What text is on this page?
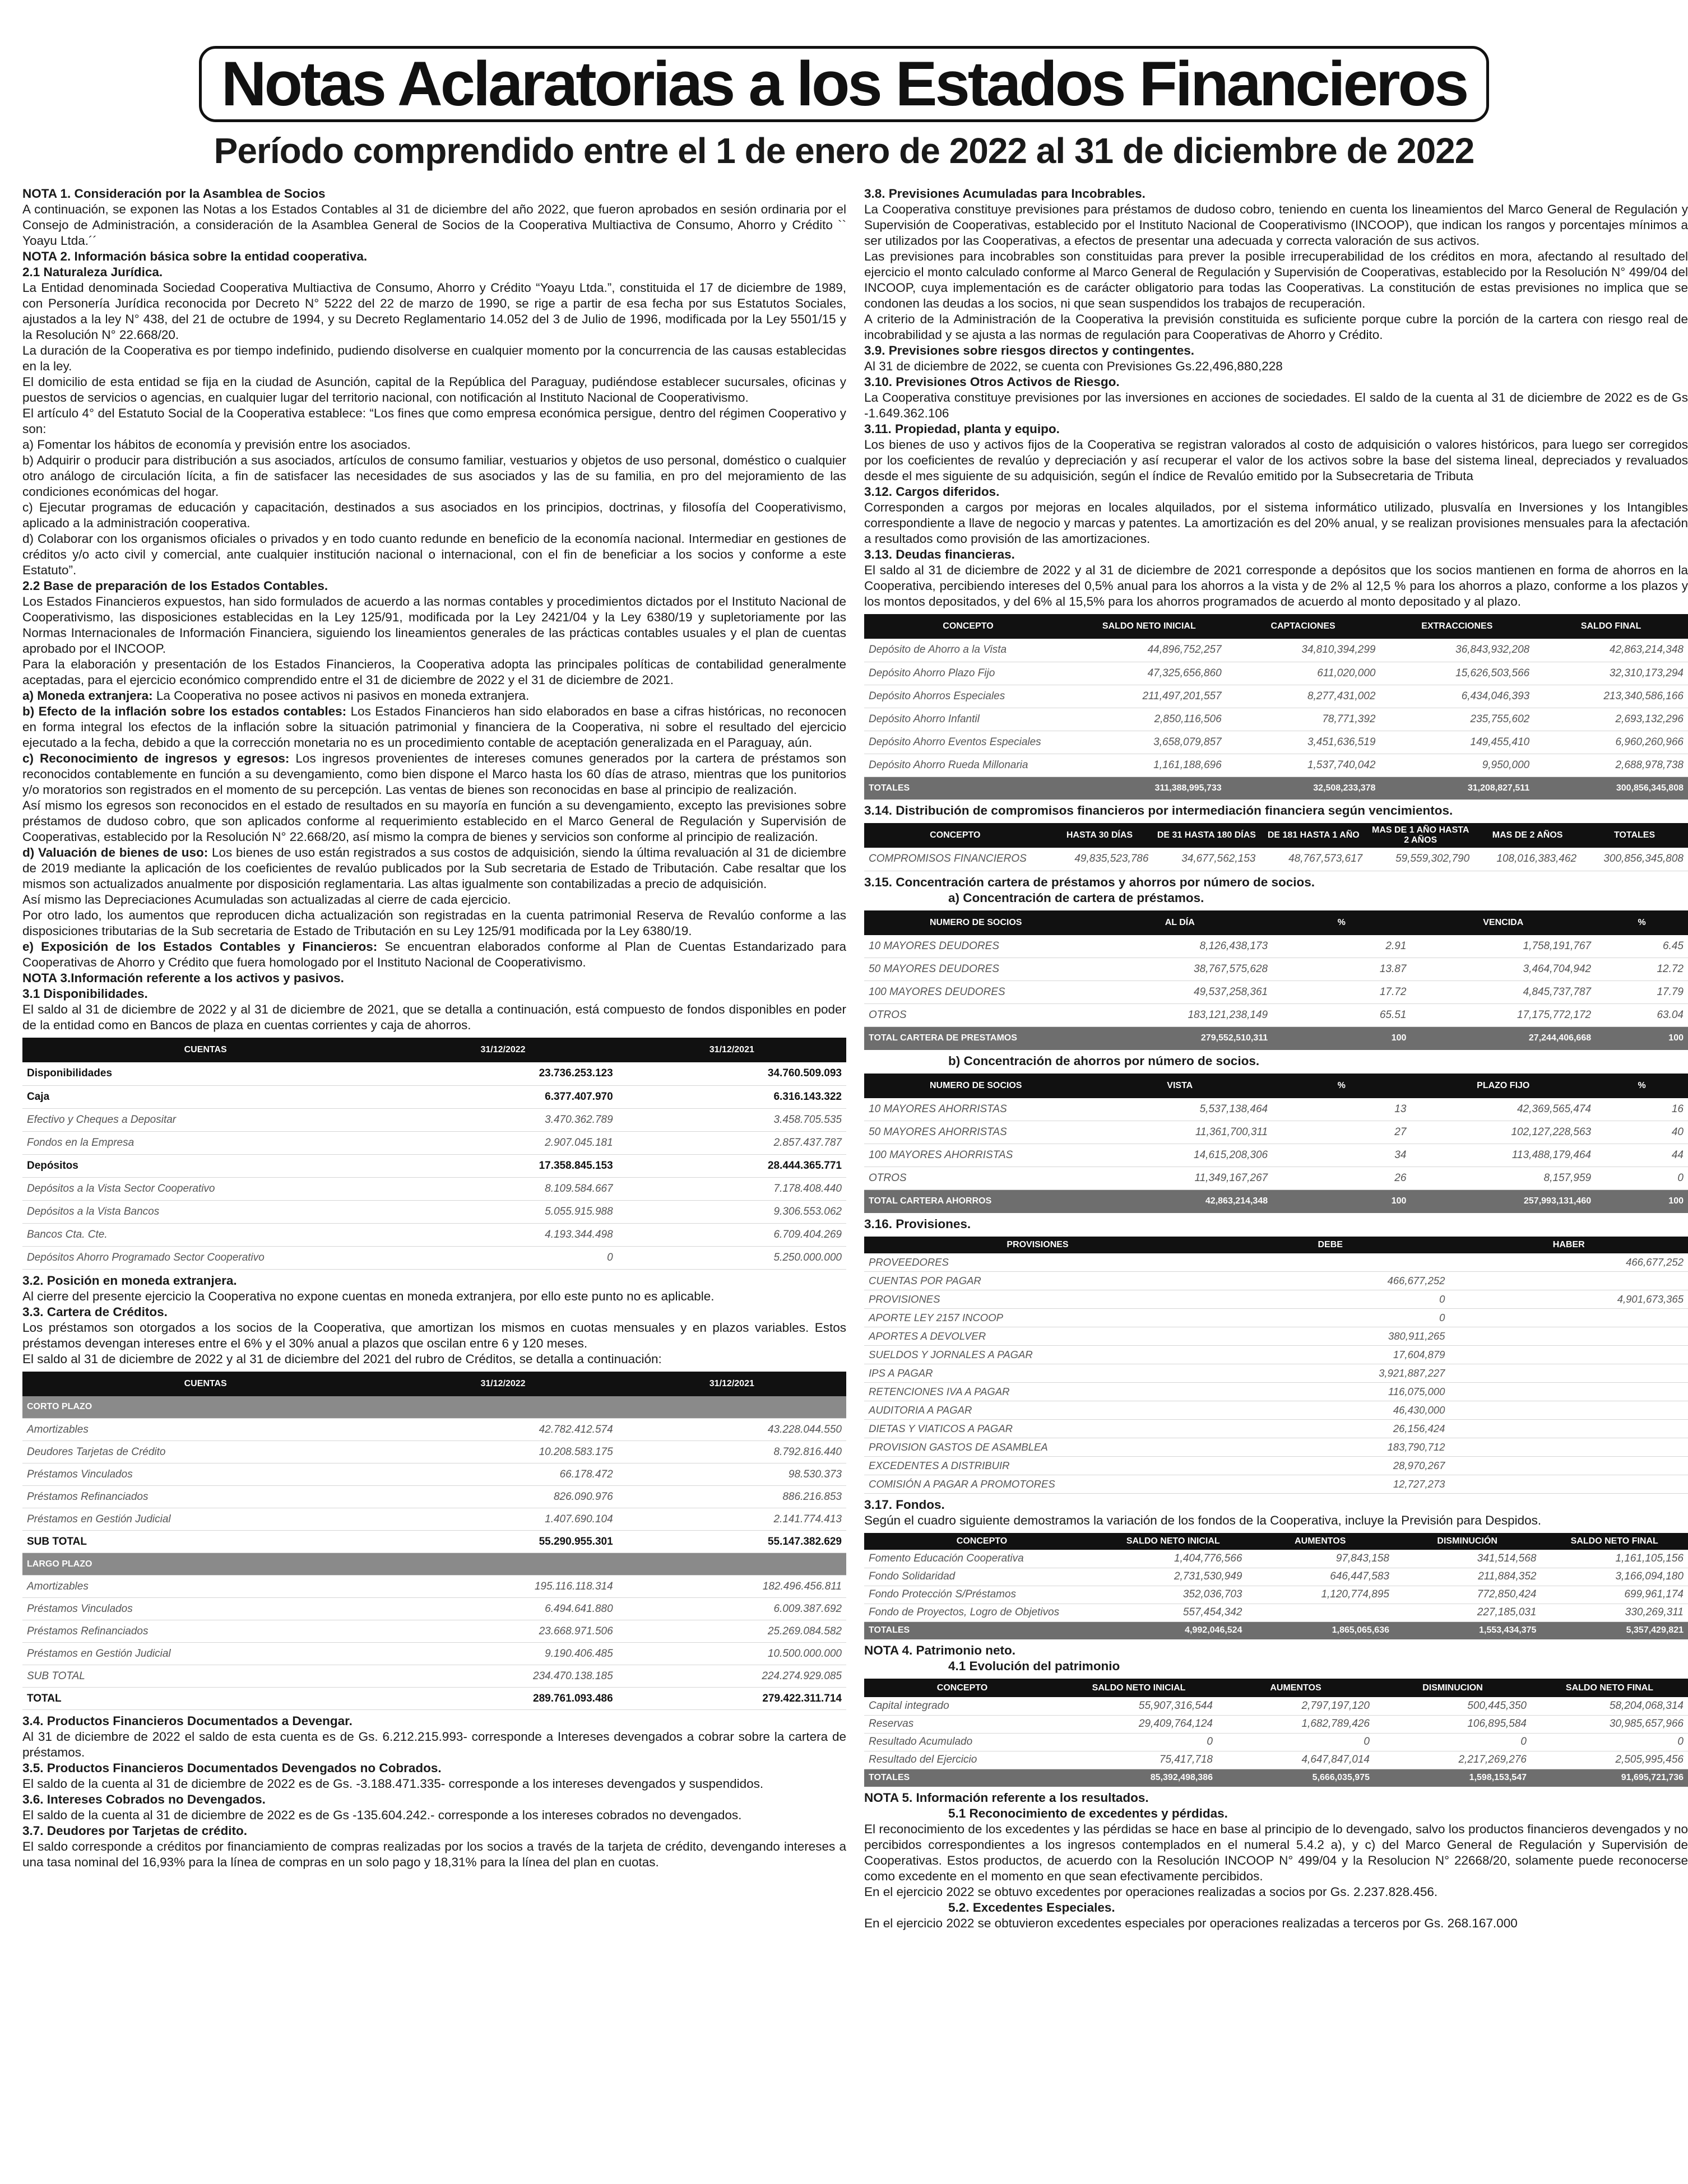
Notas Aclaratorias a los Estados Financieros
Período comprendido entre el 1 de enero de 2022 al 31 de diciembre de 2022

NOTA 1. Consideración por la Asamblea de Socios

A continuación, se exponen las Notas a los Estados Contables al 31 de diciembre del año 2022, que fueron aprobados en sesión ordinaria por el Consejo de Administración, a consideración de la Asamblea General de Socios de la Cooperativa Multiactiva de Consumo, Ahorro y Crédito `` Yoayu Ltda.´´

NOTA 2. Información básica sobre la entidad cooperativa.

2.1 Naturaleza Jurídica.

La Entidad denominada Sociedad Cooperativa Multiactiva de Consumo, Ahorro y Crédito “Yoayu Ltda.”, constituida el 17 de diciembre de 1989, con Personería Jurídica reconocida por Decreto N° 5222 del 22 de marzo de 1990, se rige a partir de esa fecha por sus Estatutos Sociales, ajustados a la ley N° 438, del 21 de octubre de 1994, y su Decreto Reglamentario 14.052 del 3 de Julio de 1996, modificada por la Ley 5501/15 y la Resolución N° 22.668/20.

La duración de la Cooperativa es por tiempo indefinido, pudiendo disolverse en cualquier momento por la concurrencia de las causas establecidas en la ley.

El domicilio de esta entidad se fija en la ciudad de Asunción, capital de la República del Paraguay, pudiéndose establecer sucursales, oficinas y puestos de servicios o agencias, en cualquier lugar del territorio nacional, con notificación al Instituto Nacional de Cooperativismo.

El artículo 4° del Estatuto Social de la Cooperativa establece: “Los fines que como empresa económica persigue, dentro del régimen Cooperativo y son:

a) Fomentar los hábitos de economía y previsión entre los asociados.

b) Adquirir o producir para distribución a sus asociados, artículos de consumo familiar, vestuarios y objetos de uso personal, doméstico o cualquier otro análogo de circulación lícita, a fin de satisfacer las necesidades de sus asociados y las de su familia, en pro del mejoramiento de las condiciones económicas del hogar.

c) Ejecutar programas de educación y capacitación, destinados a sus asociados en los principios, doctrinas, y filosofía del Cooperativismo, aplicado a la administración cooperativa.

d) Colaborar con los organismos oficiales o privados y en todo cuanto redunde en beneficio de la economía nacional. Intermediar en gestiones de créditos y/o acto civil y comercial, ante cualquier institución nacional o internacional, con el fin de beneficiar a los socios y conforme a este Estatuto”.

2.2 Base de preparación de los Estados Contables.

Los Estados Financieros expuestos, han sido formulados de acuerdo a las normas contables y procedimientos dictados por el Instituto Nacional de Cooperativismo, las disposiciones establecidas en la Ley 125/91, modificada por la Ley 2421/04 y la Ley 6380/19 y supletoriamente por las Normas Internacionales de Información Financiera, siguiendo los lineamientos generales de las prácticas contables usuales y el plan de cuentas aprobado por el INCOOP.

Para la elaboración y presentación de los Estados Financieros, la Cooperativa adopta las principales políticas de contabilidad generalmente aceptadas, para el ejercicio económico comprendido entre el 31 de diciembre de 2022 y el 31 de diciembre de 2021.

a) Moneda extranjera: La Cooperativa no posee activos ni pasivos en moneda extranjera.

b) Efecto de la inflación sobre los estados contables: Los Estados Financieros han sido elaborados en base a cifras históricas, no reconocen en forma integral los efectos de la inflación sobre la situación patrimonial y financiera de la Cooperativa, ni sobre el resultado del ejercicio ejecutado a la fecha, debido a que la corrección monetaria no es un procedimiento contable de aceptación generalizada en el Paraguay, aún.

c) Reconocimiento de ingresos y egresos: Los ingresos provenientes de intereses comunes generados por la cartera de préstamos son reconocidos contablemente en función a su devengamiento, como bien dispone el Marco hasta los 60 días de atraso, mientras que los punitorios y/o moratorios son registrados en el momento de su percepción. Las ventas de bienes son reconocidas en base al principio de realización.

Así mismo los egresos son reconocidos en el estado de resultados en su mayoría en función a su devengamiento, excepto las previsiones sobre préstamos de dudoso cobro, que son aplicados conforme al requerimiento establecido en el Marco General de Regulación y Supervisión de Cooperativas, establecido por la Resolución N° 22.668/20, así mismo la compra de bienes y servicios son conforme al principio de realización.

d) Valuación de bienes de uso: Los bienes de uso están registrados a sus costos de adquisición, siendo la última revaluación al 31 de diciembre de 2019 mediante la aplicación de los coeficientes de revalúo publicados por la Sub secretaria de Estado de Tributación. Cabe resaltar que los mismos son actualizados anualmente por disposición reglamentaria. Las altas igualmente son contabilizadas a precio de adquisición.

Así mismo las Depreciaciones Acumuladas son actualizadas al cierre de cada ejercicio.

Por otro lado, los aumentos que reproducen dicha actualización son registradas en la cuenta patrimonial Reserva de Revalúo conforme a las disposiciones tributarias de la Sub secretaria de Estado de Tributación en su Ley 125/91 modificada por la Ley 6380/19.

e) Exposición de los Estados Contables y Financieros: Se encuentran elaborados conforme al Plan de Cuentas Estandarizado para Cooperativas de Ahorro y Crédito que fuera homologado por el Instituto Nacional de Cooperativismo.

NOTA 3.Información referente a los activos y pasivos.

3.1 Disponibilidades.

El saldo al 31 de diciembre de 2022 y al 31 de diciembre de 2021, que se detalla a continuación, está compuesto de fondos disponibles en poder de la entidad como en Bancos de plaza en cuentas corrientes y caja de ahorros.

CUENTAS	31/12/2022	31/12/2021
Disponibilidades	23.736.253.123	34.760.509.093
Caja	6.377.407.970	6.316.143.322
Efectivo y Cheques a Depositar	3.470.362.789	3.458.705.535
Fondos en la Empresa	2.907.045.181	2.857.437.787
Depósitos	17.358.845.153	28.444.365.771
Depósitos a la Vista Sector Cooperativo	8.109.584.667	7.178.408.440
Depósitos a la Vista Bancos	5.055.915.988	9.306.553.062
Bancos Cta. Cte.	4.193.344.498	6.709.404.269
Depósitos Ahorro Programado Sector Cooperativo	0	5.250.000.000

3.2. Posición en moneda extranjera.

Al cierre del presente ejercicio la Cooperativa no expone cuentas en moneda extranjera, por ello este punto no es aplicable.

3.3. Cartera de Créditos.

Los préstamos son otorgados a los socios de la Cooperativa, que amortizan los mismos en cuotas mensuales y en plazos variables. Estos préstamos devengan intereses entre el 6% y el 30% anual a plazos que oscilan entre 6 y 120 meses.

El saldo al 31 de diciembre de 2022 y al 31 de diciembre del 2021 del rubro de Créditos, se detalla a continuación:

CUENTAS	31/12/2022	31/12/2021
CORTO PLAZO		
Amortizables	42.782.412.574	43.228.044.550
Deudores Tarjetas de Crédito	10.208.583.175	8.792.816.440
Préstamos Vinculados	66.178.472	98.530.373
Préstamos Refinanciados	826.090.976	886.216.853
Préstamos en Gestión Judicial	1.407.690.104	2.141.774.413
SUB TOTAL	55.290.955.301	55.147.382.629
LARGO PLAZO		
Amortizables	195.116.118.314	182.496.456.811
Préstamos Vinculados	6.494.641.880	6.009.387.692
Préstamos Refinanciados	23.668.971.506	25.269.084.582
Préstamos en Gestión Judicial	9.190.406.485	10.500.000.000
SUB TOTAL	234.470.138.185	224.274.929.085
TOTAL	289.761.093.486	279.422.311.714

3.4. Productos Financieros Documentados a Devengar.

Al 31 de diciembre de 2022 el saldo de esta cuenta es de Gs. 6.212.215.993- corresponde a Intereses devengados a cobrar sobre la cartera de préstamos.

3.5. Productos Financieros Documentados Devengados no Cobrados.

El saldo de la cuenta al 31 de diciembre de 2022 es de Gs. -3.188.471.335- corresponde a los intereses devengados y suspendidos.

3.6. Intereses Cobrados no Devengados.

El saldo de la cuenta al 31 de diciembre de 2022 es de Gs -135.604.242.- corresponde a los intereses cobrados no devengados.

3.7. Deudores por Tarjetas de crédito.

El saldo corresponde a créditos por financiamiento de compras realizadas por los socios a través de la tarjeta de crédito, devengando intereses a una tasa nominal del 16,93% para la línea de compras en un solo pago y 18,31% para la línea del plan en cuotas.

3.8. Previsiones Acumuladas para Incobrables.

La Cooperativa constituye previsiones para préstamos de dudoso cobro, teniendo en cuenta los lineamientos del Marco General de Regulación y Supervisión de Cooperativas, establecido por el Instituto Nacional de Cooperativismo (INCOOP), que indican los rangos y porcentajes mínimos a ser utilizados por las Cooperativas, a efectos de presentar una adecuada y correcta valoración de sus activos.

Las previsiones para incobrables son constituidas para prever la posible irrecuperabilidad de los créditos en mora, afectando al resultado del ejercicio el monto calculado conforme al Marco General de Regulación y Supervisión de Cooperativas, establecido por la Resolución N° 499/04 del INCOOP, cuya implementación es de carácter obligatorio para todas las Cooperativas. La constitución de estas previsiones no implica que se condonen las deudas a los socios, ni que sean suspendidos los trabajos de recuperación.

A criterio de la Administración de la Cooperativa la previsión constituida es suficiente porque cubre la porción de la cartera con riesgo real de incobrabilidad y se ajusta a las normas de regulación para Cooperativas de Ahorro y Crédito.

3.9. Previsiones sobre riesgos directos y contingentes.

Al 31 de diciembre de 2022, se cuenta con Previsiones Gs.22,496,880,228

3.10. Previsiones Otros Activos de Riesgo.

La Cooperativa constituye previsiones por las inversiones en acciones de sociedades. El saldo de la cuenta al 31 de diciembre de 2022 es de Gs -1.649.362.106

3.11. Propiedad, planta y equipo.

Los bienes de uso y activos fijos de la Cooperativa se registran valorados al costo de adquisición o valores históricos, para luego ser corregidos por los coeficientes de revalúo y depreciación y así recuperar el valor de los activos sobre la base del sistema lineal, depreciados y revaluados desde el mes siguiente de su adquisición, según el índice de Revalúo emitido por la Subsecretaria de Tributa

3.12. Cargos diferidos.

Corresponden a cargos por mejoras en locales alquilados, por el sistema informático utilizado, plusvalía en Inversiones y los Intangibles correspondiente a llave de negocio y marcas y patentes. La amortización es del 20% anual, y se realizan provisiones mensuales para la afectación a resultados como provisión de las amortizaciones.

3.13. Deudas financieras.

El saldo al 31 de diciembre de 2022 y al 31 de diciembre de 2021 corresponde a depósitos que los socios mantienen en forma de ahorros en la Cooperativa, percibiendo intereses del 0,5% anual para los ahorros a la vista y de 2% al 12,5 % para los ahorros a plazo, conforme a los plazos y los montos depositados, y del 6% al 15,5% para los ahorros programados de acuerdo al monto depositado y al plazo.

CONCEPTO	SALDO NETO INICIAL	CAPTACIONES	EXTRACCIONES	SALDO FINAL
Depósito de Ahorro a la Vista	44,896,752,257	34,810,394,299	36,843,932,208	42,863,214,348
Depósito Ahorro Plazo Fijo	47,325,656,860	611,020,000	15,626,503,566	32,310,173,294
Depósito Ahorros Especiales	211,497,201,557	8,277,431,002	6,434,046,393	213,340,586,166
Depósito Ahorro Infantil	2,850,116,506	78,771,392	235,755,602	2,693,132,296
Depósito Ahorro Eventos Especiales	3,658,079,857	3,451,636,519	149,455,410	6,960,260,966
Depósito Ahorro Rueda Millonaria	1,161,188,696	1,537,740,042	9,950,000	2,688,978,738
TOTALES	311,388,995,733	32,508,233,378	31,208,827,511	300,856,345,808

3.14. Distribución de compromisos financieros por intermediación financiera según vencimientos.

CONCEPTO	HASTA 30 DÍAS	DE 31 HASTA 180 DÍAS	DE 181 HASTA 1 AÑO	MAS DE 1 AÑO HASTA 2 AÑOS	MAS DE 2 AÑOS	TOTALES
COMPROMISOS FINANCIEROS	49,835,523,786	34,677,562,153	48,767,573,617	59,559,302,790	108,016,383,462	300,856,345,808

3.15. Concentración cartera de préstamos y ahorros por número de socios.

a) Concentración de cartera de préstamos.

NUMERO DE SOCIOS	AL DÍA	%	VENCIDA	%
10 MAYORES DEUDORES	8,126,438,173	2.91	1,758,191,767	6.45
50 MAYORES DEUDORES	38,767,575,628	13.87	3,464,704,942	12.72
100 MAYORES DEUDORES	49,537,258,361	17.72	4,845,737,787	17.79
OTROS	183,121,238,149	65.51	17,175,772,172	63.04
TOTAL CARTERA DE PRESTAMOS	279,552,510,311	100	27,244,406,668	100

b) Concentración de ahorros por número de socios.

NUMERO DE SOCIOS	VISTA	%	PLAZO FIJO	%
10 MAYORES AHORRISTAS	5,537,138,464	13	42,369,565,474	16
50 MAYORES AHORRISTAS	11,361,700,311	27	102,127,228,563	40
100 MAYORES AHORRISTAS	14,615,208,306	34	113,488,179,464	44
OTROS	11,349,167,267	26	8,157,959	0
TOTAL CARTERA AHORROS	42,863,214,348	100	257,993,131,460	100

3.16. Provisiones.

PROVISIONES	DEBE	HABER
PROVEEDORES		466,677,252
CUENTAS POR PAGAR	466,677,252	
PROVISIONES	0	4,901,673,365
APORTE LEY 2157 INCOOP	0	
APORTES A DEVOLVER	380,911,265	
SUELDOS Y JORNALES A PAGAR	17,604,879	
IPS A PAGAR	3,921,887,227	
RETENCIONES IVA A PAGAR	116,075,000	
AUDITORIA A PAGAR	46,430,000	
DIETAS Y VIATICOS A PAGAR	26,156,424	
PROVISION GASTOS DE ASAMBLEA	183,790,712	
EXCEDENTES A DISTRIBUIR	28,970,267	
COMISIÓN A PAGAR A PROMOTORES	12,727,273	

3.17. Fondos.

Según el cuadro siguiente demostramos la variación de los fondos de la Cooperativa, incluye la Previsión para Despidos.

CONCEPTO	SALDO NETO INICIAL	AUMENTOS	DISMINUCIÓN	SALDO NETO FINAL
Fomento Educación Cooperativa	1,404,776,566	97,843,158	341,514,568	1,161,105,156
Fondo Solidaridad	2,731,530,949	646,447,583	211,884,352	3,166,094,180
Fondo Protección S/Préstamos	352,036,703	1,120,774,895	772,850,424	699,961,174
Fondo de Proyectos, Logro de Objetivos	557,454,342		227,185,031	330,269,311
TOTALES	4,992,046,524	1,865,065,636	1,553,434,375	5,357,429,821

NOTA 4. Patrimonio neto.

4.1 Evolución del patrimonio

CONCEPTO	SALDO NETO INICIAL	AUMENTOS	DISMINUCION	SALDO NETO FINAL
Capital integrado	55,907,316,544	2,797,197,120	500,445,350	58,204,068,314
Reservas	29,409,764,124	1,682,789,426	106,895,584	30,985,657,966
Resultado Acumulado	0	0	0	0
Resultado del Ejercicio	75,417,718	4,647,847,014	2,217,269,276	2,505,995,456
TOTALES	85,392,498,386	5,666,035,975	1,598,153,547	91,695,721,736

NOTA 5. Información referente a los resultados.

5.1 Reconocimiento de excedentes y pérdidas.

El reconocimiento de los excedentes y las pérdidas se hace en base al principio de lo devengado, salvo los productos financieros devengados y no percibidos correspondientes a los ingresos contemplados en el numeral 5.4.2 a), y c) del Marco General de Regulación y Supervisión de Cooperativas. Estos productos, de acuerdo con la Resolución INCOOP N° 499/04 y la Resolucion N° 22668/20, solamente puede reconocerse como excedente en el momento en que sean efectivamente percibidos.

En el ejercicio 2022 se obtuvo excedentes por operaciones realizadas a socios por Gs. 2.237.828.456.

5.2. Excedentes Especiales.

En el ejercicio 2022 se obtuvieron excedentes especiales por operaciones realizadas a terceros por Gs. 268.167.000
